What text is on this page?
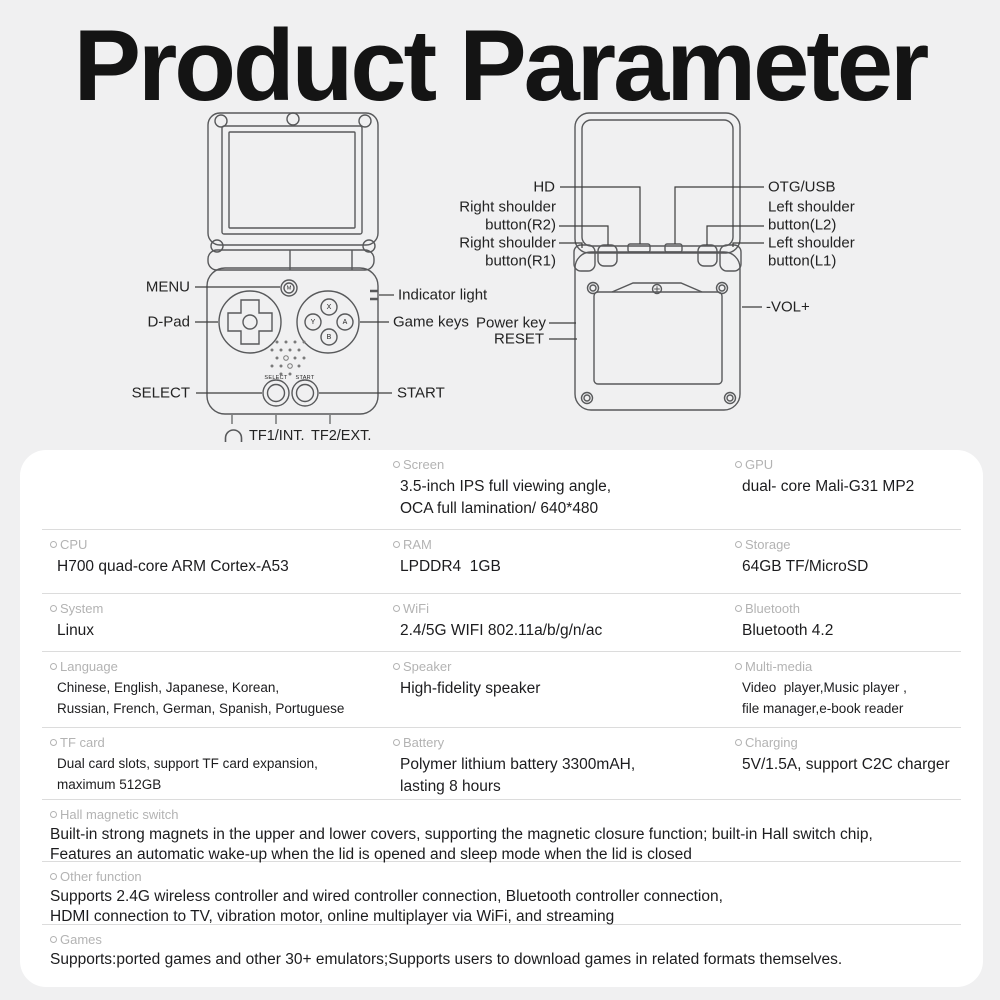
Product Parameter
MENU
D-Pad
SELECT
Indicator light
Game keys
START
TF1/INT. TF2/EXT.
M
X
Y	A
B
SELECT START
HD	OTG/USB
Right shoulder
button(R2)
Right shoulder
button(R1)
Left shoulder
button(L2)
Left shoulder
button(L1)
Power key
RESET
-VOL+
Screen
3.5-inch IPS full viewing angle,
OCA full lamination/ 640*480
GPU
dual- core Mali-G31 MP2
CPU
H700 quad-core ARM Cortex-A53
RAM
LPDDR4  1GB
Storage
64GB TF/MicroSD
System
Linux
WiFi
2.4/5G WIFI 802.11a/b/g/n/ac
Bluetooth
Bluetooth 4.2
Language
Chinese, English, Japanese, Korean,
Russian, French, German, Spanish, Portuguese
Speaker
High-fidelity speaker
Multi-media
Video  player,Music player ,
file manager,e-book reader
TF card
Dual card slots, support TF card expansion,
maximum 512GB
Battery
Polymer lithium battery 3300mAH,
lasting 8 hours
Charging
5V/1.5A, support C2C charger
Hall magnetic switch
Built-in strong magnets in the upper and lower covers, supporting the magnetic closure function; built-in Hall switch chip,
Features an automatic wake-up when the lid is opened and sleep mode when the lid is closed
Other function
Supports 2.4G wireless controller and wired controller connection, Bluetooth controller connection,
HDMI connection to TV, vibration motor, online multiplayer via WiFi, and streaming
Games
Supports:ported games and other 30+ emulators;Supports users to download games in related formats themselves.
